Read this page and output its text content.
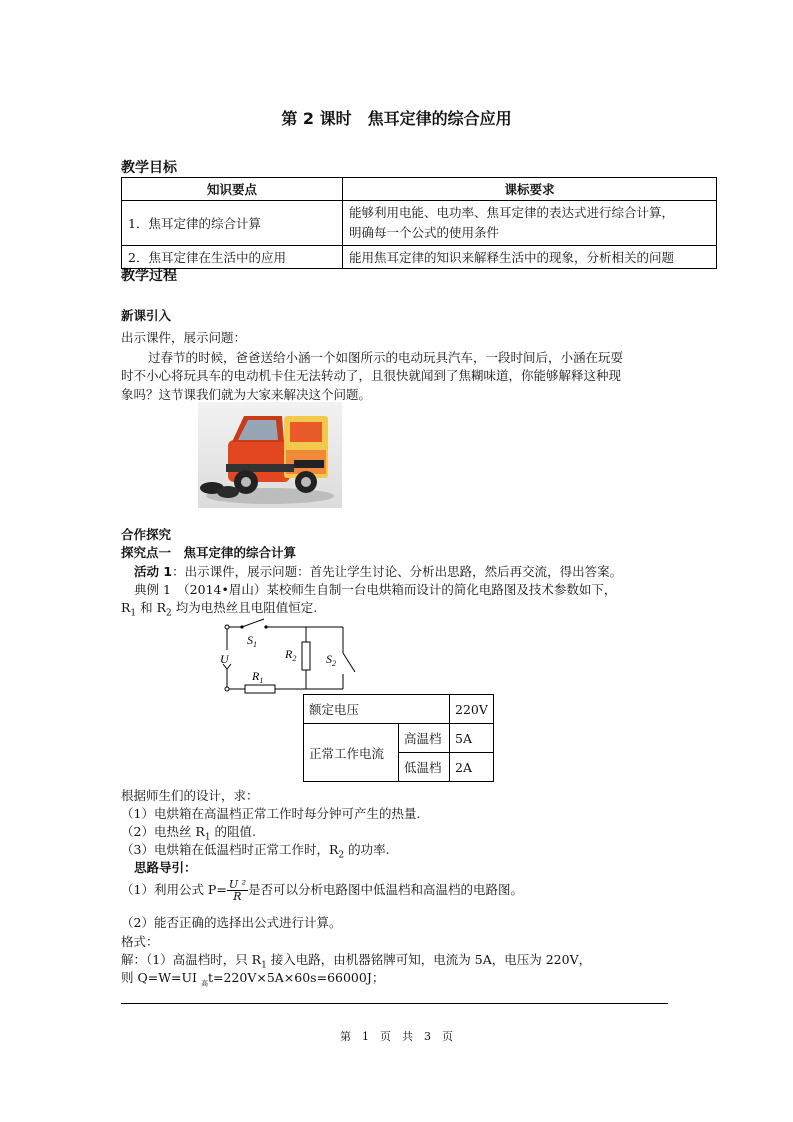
第 2 课时　焦耳定律的综合应用
教学目标
知识要点	课标要求
1．焦耳定律的综合计算	能够利用电能、电功率、焦耳定律的表达式进行综合计算，
明确每一个公式的使用条件

2．焦耳定律在生活中的应用	能用焦耳定律的知识来解释生活中的现象，分析相关的问题
教学过程
新课引入
出示课件，展示问题：
过春节的时候，爸爸送给小涵一个如图所示的电动玩具汽车，一段时间后，小涵在玩耍
时不小心将玩具车的电动机卡住无法转动了，且很快就闻到了焦糊味道，你能够解释这种现
象吗？这节课我们就为大家来解决这个问题。
合作探究
探究点一　焦耳定律的综合计算
活动 1：出示课件，展示问题：首先让学生讨论、分析出思路，然后再交流，得出答案。
典例 1　（2014•眉山）某校师生自制一台电烘箱而设计的简化电路图及技术参数如下，
$R_1$ 和 $R_2$ 均为电热丝且电阻值恒定.
$S_1$
$R_2$ $S_2$
U
$R_1$
额定电压		220V
正常工作电流	高温档	5A
	低温档	2A
根据师生们的设计，求：
（1）电烘箱在高温档正常工作时每分钟可产生的热量.
（2）电热丝 $R_1$ 的阻值.
（3）电烘箱在低温档时正常工作时，$R_2$ 的功率.
思路导引：
（1）利用公式 $P= \frac{\text{U ²}}{R}$ 是否可以分析电路图中低温档和高温档的电路图。
（2）能否正确的选择出公式进行计算。
格式：
解：（1）高温档时，只 $R_1$ 接入电路，由机器铭牌可知，电流为 5A，电压为 220V，
则 Q=W=UI $_高$t=220V×5A×60s=66000J；
第　1　页　共　3　页
